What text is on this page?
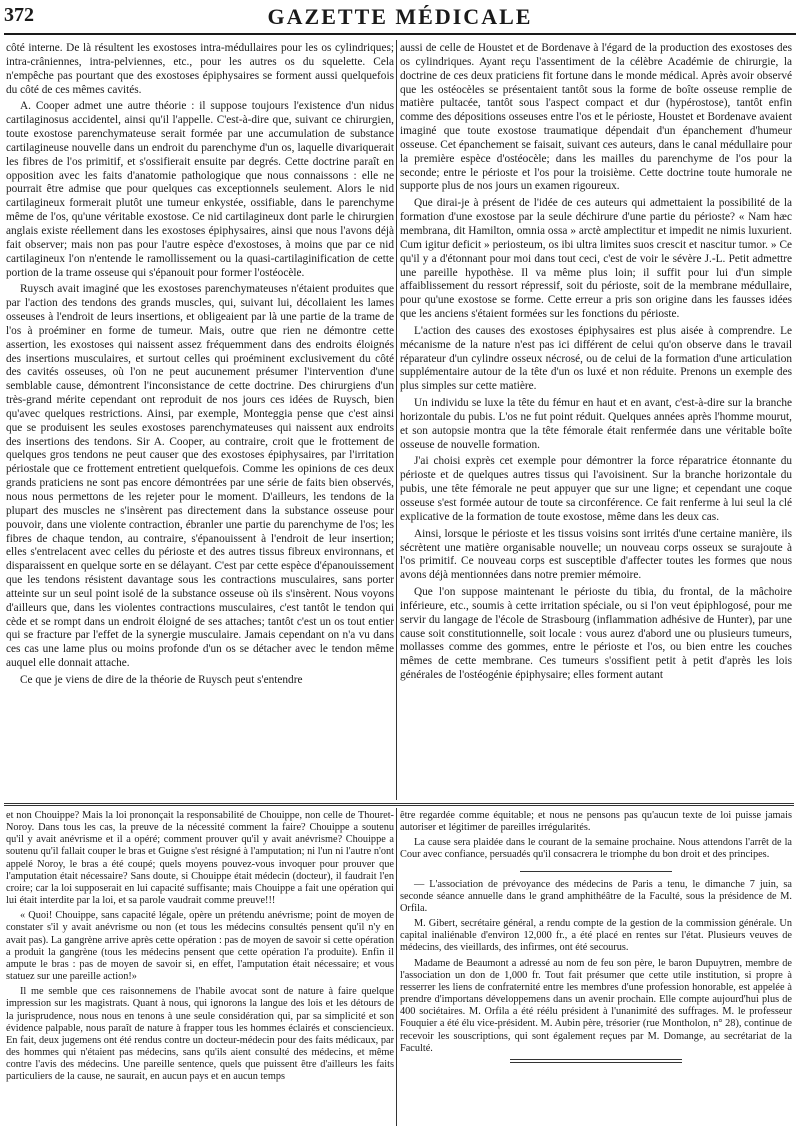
372	GAZETTE MÉDICALE

côté interne. De là résultent les exostoses intra-médullaires pour les os cylindriques; intra-crâniennes, intra-pelviennes, etc., pour les autres os du squelette. Cela n'empêche pas pourtant que des exostoses épiphysaires se forment aussi quelquefois du côté de ces mêmes cavités.

A. Cooper admet une autre théorie : il suppose toujours l'existence d'un nidus cartilaginosus accidentel, ainsi qu'il l'appelle. C'est-à-dire que, suivant ce chirurgien, toute exostose parenchymateuse serait formée par une accumulation de substance cartilagineuse nouvelle dans un endroit du parenchyme d'un os, laquelle divariquerait les fibres de l'os primitif, et s'ossifierait ensuite par degrés. Cette doctrine paraît en opposition avec les faits d'anatomie pathologique que nous connaissons : elle ne pourrait être admise que pour quelques cas exceptionnels seulement. Alors le nid cartilagineux formerait plutôt une tumeur enkystée, ossifiable, dans le parenchyme même de l'os, qu'une véritable exostose. Ce nid cartilagineux dont parle le chirurgien anglais existe réellement dans les exostoses épiphysaires, ainsi que nous l'avons déjà fait observer; mais non pas pour l'autre espèce d'exostoses, à moins que par ce nid cartilagineux l'on n'entende le ramollissement ou la quasi-cartilaginification de cette portion de la trame osseuse qui s'épanouit pour former l'ostéocèle.

Ruysch avait imaginé que les exostoses parenchymateuses n'étaient produites que par l'action des tendons des grands muscles, qui, suivant lui, décollaient les lames osseuses à l'endroit de leurs insertions, et obligeaient par là une partie de la trame de l'os à proéminer en forme de tumeur. Mais, outre que rien ne démontre cette assertion, les exostoses qui naissent assez fréquemment dans des endroits éloignés des insertions musculaires, et surtout celles qui proéminent exclusivement du côté des cavités osseuses, où l'on ne peut aucunement présumer l'intervention d'une semblable cause, démontrent l'inconsistance de cette doctrine. Des chirurgiens d'un très-grand mérite cependant ont reproduit de nos jours ces idées de Ruysch, bien qu'avec quelques restrictions. Ainsi, par exemple, Monteggia pense que c'est ainsi que se produisent les seules exostoses parenchymateuses qui naissent aux endroits des insertions des tendons. Sir A. Cooper, au contraire, croit que le frottement de quelques gros tendons ne peut causer que des exostoses épiphysaires, par l'irritation périostale que ce frottement entretient quelquefois. Comme les opinions de ces deux grands praticiens ne sont pas encore démontrées par une série de faits bien observés, nous nous permettons de les rejeter pour le moment. D'ailleurs, les tendons de la plupart des muscles ne s'insèrent pas directement dans la substance osseuse pour pouvoir, dans une violente contraction, ébranler une partie du parenchyme de l'os; les fibres de chaque tendon, au contraire, s'épanouissent à l'endroit de leur insertion; elles s'entrelacent avec celles du périoste et des autres tissus fibreux environnans, et disparaissent en quelque sorte en se délayant. C'est par cette espèce d'épanouissement que les tendons résistent davantage sous les contractions musculaires, sans porter atteinte sur un seul point isolé de la substance osseuse où ils s'insèrent. Nous voyons d'ailleurs que, dans les violentes contractions musculaires, c'est tantôt le tendon qui cède et se rompt dans un endroit éloigné de ses attaches; tantôt c'est un os tout entier qui se fracture par l'effet de la synergie musculaire. Jamais cependant on n'a vu dans ces cas une lame plus ou moins profonde d'un os se détacher avec le tendon même auquel elle donnait attache.

Ce que je viens de dire de la théorie de Ruysch peut s'entendre

aussi de celle de Houstet et de Bordenave à l'égard de la production des exostoses des os cylindriques. Ayant reçu l'assentiment de la célèbre Académie de chirurgie, la doctrine de ces deux praticiens fit fortune dans le monde médical. Après avoir observé que les ostéocèles se présentaient tantôt sous la forme de boîte osseuse remplie de matière pultacée, tantôt sous l'aspect compact et dur (hypérostose), tantôt enfin comme des dépositions osseuses entre l'os et le périoste, Houstet et Bordenave avaient imaginé que toute exostose traumatique dépendait d'un épanchement d'humeur osseuse. Cet épanchement se faisait, suivant ces auteurs, dans le canal médullaire pour la première espèce d'ostéocèle; dans les mailles du parenchyme de l'os pour la seconde; entre le périoste et l'os pour la troisième. Cette doctrine toute humorale ne supporte plus de nos jours un examen rigoureux.

Que dirai-je à présent de l'idée de ces auteurs qui admettaient la possibilité de la formation d'une exostose par la seule déchirure d'une partie du périoste? « Nam hæc membrana, dit Hamilton, omnia ossa » arctè amplectitur et impedit ne nimis luxurient. Cum igitur deficit » periosteum, os ibi ultra limites suos crescit et nascitur tumor. » Ce qu'il y a d'étonnant pour moi dans tout ceci, c'est de voir le sévère J.-L. Petit admettre une pareille hypothèse. Il va même plus loin; il suffit pour lui d'un simple affaiblissement du ressort répressif, soit du périoste, soit de la membrane médullaire, pour qu'une exostose se forme. Cette erreur a pris son origine dans les fausses idées que les anciens s'étaient formées sur les fonctions du périoste.

L'action des causes des exostoses épiphysaires est plus aisée à comprendre. Le mécanisme de la nature n'est pas ici différent de celui qu'on observe dans le travail réparateur d'un cylindre osseux nécrosé, ou de celui de la formation d'une articulation supplémentaire autour de la tête d'un os luxé et non réduite. Prenons un exemple des plus simples sur cette matière.

Un individu se luxe la tête du fémur en haut et en avant, c'est-à-dire sur la branche horizontale du pubis. L'os ne fut point réduit. Quelques années après l'homme mourut, et son autopsie montra que la tête fémorale était renfermée dans une véritable boîte osseuse de nouvelle formation.

J'ai choisi exprès cet exemple pour démontrer la force réparatrice étonnante du périoste et de quelques autres tissus qui l'avoisinent. Sur la branche horizontale du pubis, une tête fémorale ne peut appuyer que sur une ligne; et cependant une coque osseuse s'est formée autour de toute sa circonférence. Ce fait renferme à lui seul la clé explicative de la formation de toute exostose, même dans les deux cas.

Ainsi, lorsque le périoste et les tissus voisins sont irrités d'une certaine manière, ils sécrètent une matière organisable nouvelle; un nouveau corps osseux se surajoute à l'os primitif. Ce nouveau corps est susceptible d'affecter toutes les formes que nous avons déjà mentionnées dans notre premier mémoire.

Que l'on suppose maintenant le périoste du tibia, du frontal, de la mâchoire inférieure, etc., soumis à cette irritation spéciale, ou si l'on veut épiphlogosé, pour me servir du langage de l'école de Strasbourg (inflammation adhésive de Hunter), par une cause soit constitutionnelle, soit locale : vous aurez d'abord une ou plusieurs tumeurs, mollasses comme des gommes, entre le périoste et l'os, ou bien entre les couches mêmes de cette membrane. Ces tumeurs s'ossifient petit à petit d'après les lois générales de l'ostéogénie épiphysaire; elles forment autant

et non Chouippe? Mais la loi prononçait la responsabilité de Chouippe, non celle de Thouret-Noroy. Dans tous les cas, la preuve de la nécessité comment la faire? Chouippe a soutenu qu'il y avait anévrisme et il a opéré; comment prouver qu'il y avait anévrisme? Chouippe a soutenu qu'il fallait couper le bras et Guigne s'est résigné à l'amputation; ni l'un ni l'autre n'ont appelé Noroy, le bras a été coupé; quels moyens pouvez-vous invoquer pour prouver que l'amputation était nécessaire? Sans doute, si Chouippe était médecin (docteur), il faudrait l'en croire; car la loi supposerait en lui capacité suffisante; mais Chouippe a fait une opération qui lui était interdite par la loi, et sa parole vaudrait comme preuve!!!

« Quoi! Chouippe, sans capacité légale, opère un prétendu anévrisme; point de moyen de constater s'il y avait anévrisme ou non (et tous les médecins consultés pensent qu'il n'y en avait pas). La gangrène arrive après cette opération : pas de moyen de savoir si cette opération a produit la gangrène (tous les médecins pensent que cette opération l'a produite). Enfin il ampute le bras : pas de moyen de savoir si, en effet, l'amputation était nécessaire; et vous statuez sur une pareille action!»

Il me semble que ces raisonnemens de l'habile avocat sont de nature à faire quelque impression sur les magistrats. Quant à nous, qui ignorons la langue des lois et les détours de la jurisprudence, nous nous en tenons à une seule considération qui, par sa simplicité et son évidence palpable, nous paraît de nature à frapper tous les hommes éclairés et consciencieux. En fait, deux jugemens ont été rendus contre un docteur-médecin pour des faits médicaux, par des hommes qui n'étaient pas médecins, sans qu'ils aient consulté des médecins, et même contre l'avis des médecins. Une pareille sentence, quels que puissent être d'ailleurs les faits particuliers de la cause, ne saurait, en aucun pays et en aucun temps

être regardée comme équitable; et nous ne pensons pas qu'aucun texte de loi puisse jamais autoriser et légitimer de pareilles irrégularités.

La cause sera plaidée dans le courant de la semaine prochaine. Nous attendons l'arrêt de la Cour avec confiance, persuadés qu'il consacrera le triomphe du bon droit et des principes.

— L'association de prévoyance des médecins de Paris a tenu, le dimanche 7 juin, sa seconde séance annuelle dans le grand amphithéâtre de la Faculté, sous la présidence de M. Orfila.

M. Gibert, secrétaire général, a rendu compte de la gestion de la commission générale. Un capital inaliénable d'environ 12,000 fr., a été placé en rentes sur l'état. Plusieurs veuves de médecins, des vieillards, des infirmes, ont été secourus.

Madame de Beaumont a adressé au nom de feu son père, le baron Dupuytren, membre de l'association un don de 1,000 fr. Tout fait présumer que cette utile institution, si propre à resserrer les liens de confraternité entre les membres d'une profession honorable, est appelée à prendre d'importans développemens dans un avenir prochain. Elle compte aujourd'hui plus de 400 sociétaires. M. Orfila a été réélu président à l'unanimité des suffrages. M. le professeur Fouquier a été élu vice-président. M. Aubin père, trésorier (rue Montholon, n° 28), continue de recevoir les souscriptions, qui sont également reçues par M. Domange, au secrétariat de la Faculté.
